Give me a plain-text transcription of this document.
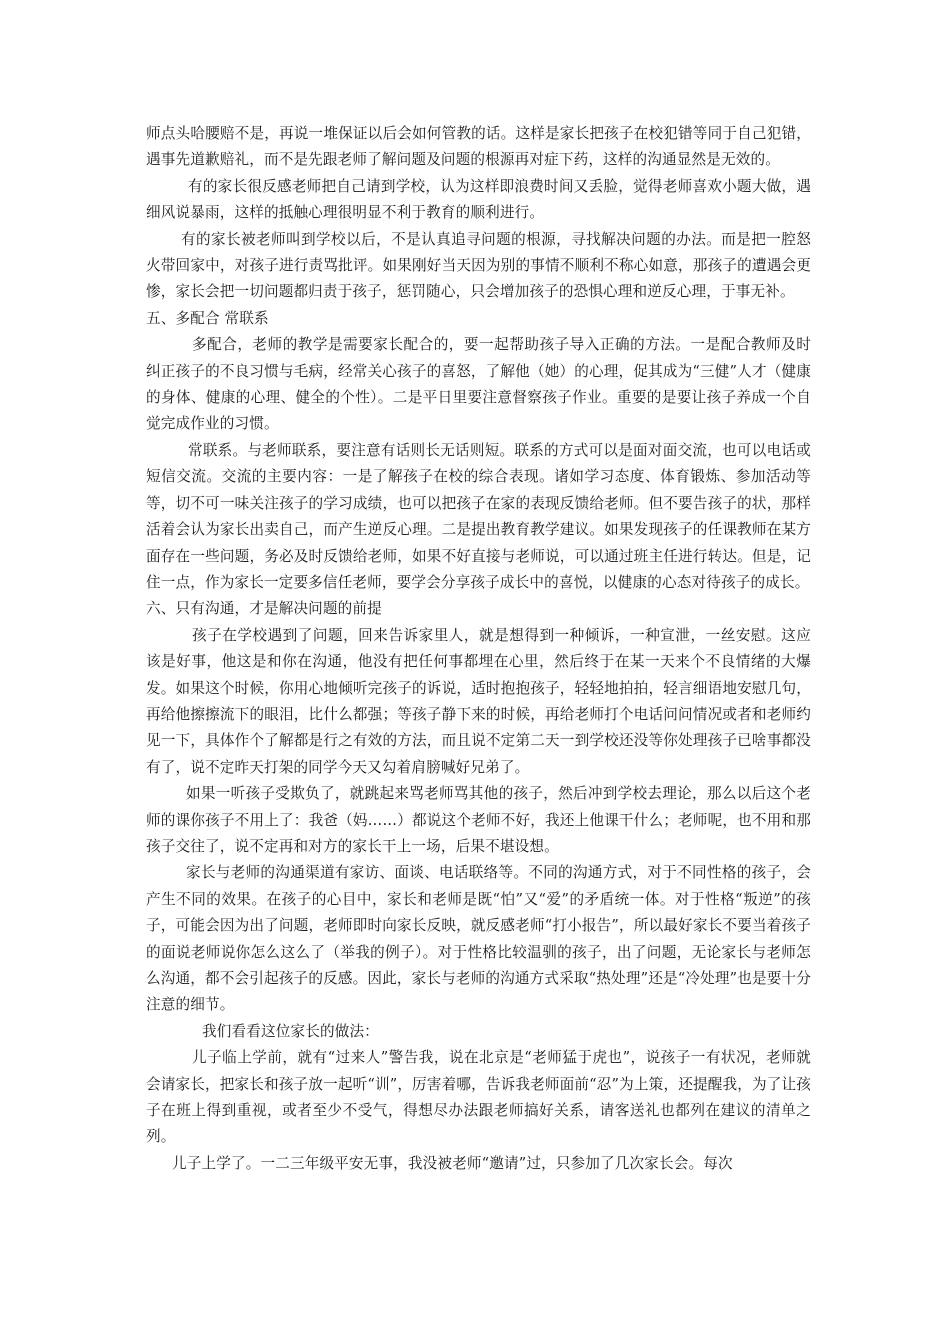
师点头哈腰赔不是，再说一堆保证以后会如何管教的话。这样是家长把孩子在校犯错等同于自己犯错，遇事先道歉赔礼，而不是先跟老师了解问题及问题的根源再对症下药，这样的沟通显然是无效的。

有的家长很反感老师把自己请到学校，认为这样即浪费时间又丢脸，觉得老师喜欢小题大做，遇细风说暴雨，这样的抵触心理很明显不利于教育的顺利进行。

有的家长被老师叫到学校以后，不是认真追寻问题的根源，寻找解决问题的办法。而是把一腔怒火带回家中，对孩子进行责骂批评。如果刚好当天因为别的事情不顺利不称心如意，那孩子的遭遇会更惨，家长会把一切问题都归责于孩子，惩罚随心，只会增加孩子的恐惧心理和逆反心理，于事无补。

五、多配合 常联系

多配合，老师的教学是需要家长配合的，要一起帮助孩子导入正确的方法。一是配合教师及时纠正孩子的不良习惯与毛病，经常关心孩子的喜怒，了解他（她）的心理，促其成为“三健”人才（健康的身体、健康的心理、健全的个性）。二是平日里要注意督察孩子作业。重要的是要让孩子养成一个自觉完成作业的习惯。

常联系。与老师联系，要注意有话则长无话则短。联系的方式可以是面对面交流，也可以电话或短信交流。交流的主要内容：一是了解孩子在校的综合表现。诸如学习态度、体育锻炼、参加活动等等，切不可一味关注孩子的学习成绩，也可以把孩子在家的表现反馈给老师。但不要告孩子的状，那样活着会认为家长出卖自己，而产生逆反心理。二是提出教育教学建议。如果发现孩子的任课教师在某方面存在一些问题，务必及时反馈给老师，如果不好直接与老师说，可以通过班主任进行转达。但是，记住一点，作为家长一定要多信任老师，要学会分享孩子成长中的喜悦，以健康的心态对待孩子的成长。

六、只有沟通，才是解决问题的前提

孩子在学校遇到了问题，回来告诉家里人，就是想得到一种倾诉，一种宣泄，一丝安慰。这应该是好事，他这是和你在沟通，他没有把任何事都埋在心里，然后终于在某一天来个不良情绪的大爆发。如果这个时候，你用心地倾听完孩子的诉说，适时抱抱孩子，轻轻地拍拍，轻言细语地安慰几句，再给他擦擦流下的眼泪，比什么都强；等孩子静下来的时候，再给老师打个电话问问情况或者和老师约见一下，具体作个了解都是行之有效的方法，而且说不定第二天一到学校还没等你处理孩子已啥事都没有了，说不定昨天打架的同学今天又勾着肩膀喊好兄弟了。

如果一听孩子受欺负了，就跳起来骂老师骂其他的孩子，然后冲到学校去理论，那么以后这个老师的课你孩子不用上了：我爸（妈……）都说这个老师不好，我还上他课干什么；老师呢，也不用和那孩子交往了，说不定再和对方的家长干上一场，后果不堪设想。

家长与老师的沟通渠道有家访、面谈、电话联络等。不同的沟通方式，对于不同性格的孩子，会产生不同的效果。在孩子的心目中，家长和老师是既“怕”又“爱”的矛盾统一体。对于性格“叛逆”的孩子，可能会因为出了问题，老师即时向家长反映，就反感老师“打小报告”，所以最好家长不要当着孩子的面说老师说你怎么这么了（举我的例子）。对于性格比较温驯的孩子，出了问题，无论家长与老师怎么沟通，都不会引起孩子的反感。因此，家长与老师的沟通方式采取“热处理”还是“冷处理”也是要十分注意的细节。

我们看看这位家长的做法：

儿子临上学前，就有“过来人”警告我，说在北京是“老师猛于虎也”，说孩子一有状况，老师就会请家长，把家长和孩子放一起听“训”，厉害着哪，告诉我老师面前“忍”为上策，还提醒我，为了让孩子在班上得到重视，或者至少不受气，得想尽办法跟老师搞好关系，请客送礼也都列在建议的清单之列。

儿子上学了。一二三年级平安无事，我没被老师“邀请”过，只参加了几次家长会。每次
